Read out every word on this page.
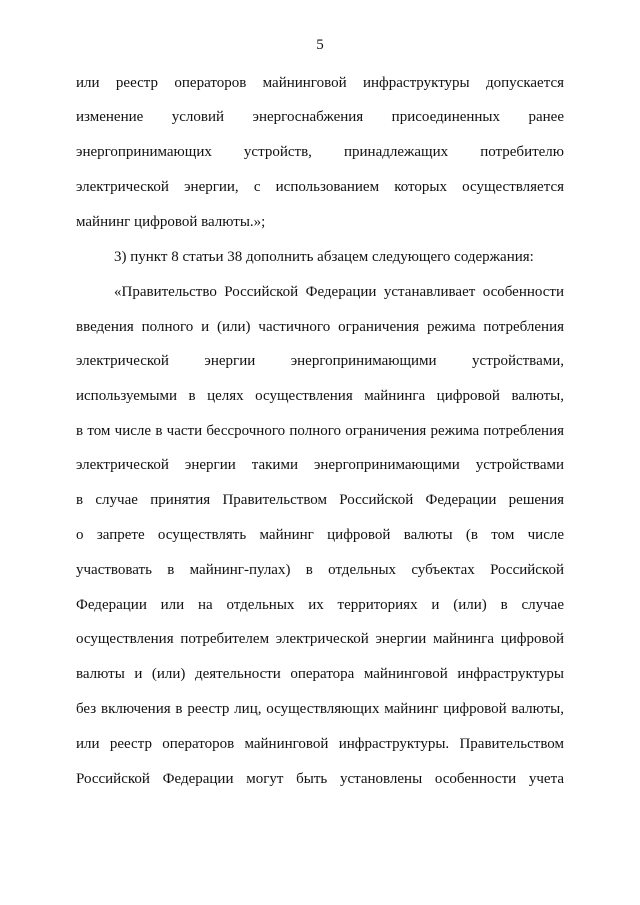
5
или реестр операторов майнинговой инфраструктуры допускается
изменение условий энергоснабжения присоединенных ранее
энергопринимающих устройств, принадлежащих потребителю
электрической энергии, с использованием которых осуществляется
майнинг цифровой валюты.»;
3) пункт 8 статьи 38 дополнить абзацем следующего содержания:
«Правительство Российской Федерации устанавливает особенности
введения полного и (или) частичного ограничения режима потребления
электрической энергии энергопринимающими устройствами,
используемыми в целях осуществления майнинга цифровой валюты,
в том числе в части бессрочного полного ограничения режима потребления
электрической энергии такими энергопринимающими устройствами
в случае принятия Правительством Российской Федерации решения
о запрете осуществлять майнинг цифровой валюты (в том числе
участвовать в майнинг-пулах) в отдельных субъектах Российской
Федерации или на отдельных их территориях и (или) в случае
осуществления потребителем электрической энергии майнинга цифровой
валюты и (или) деятельности оператора майнинговой инфраструктуры
без включения в реестр лиц, осуществляющих майнинг цифровой валюты,
или реестр операторов майнинговой инфраструктуры. Правительством
Российской Федерации могут быть установлены особенности учета
